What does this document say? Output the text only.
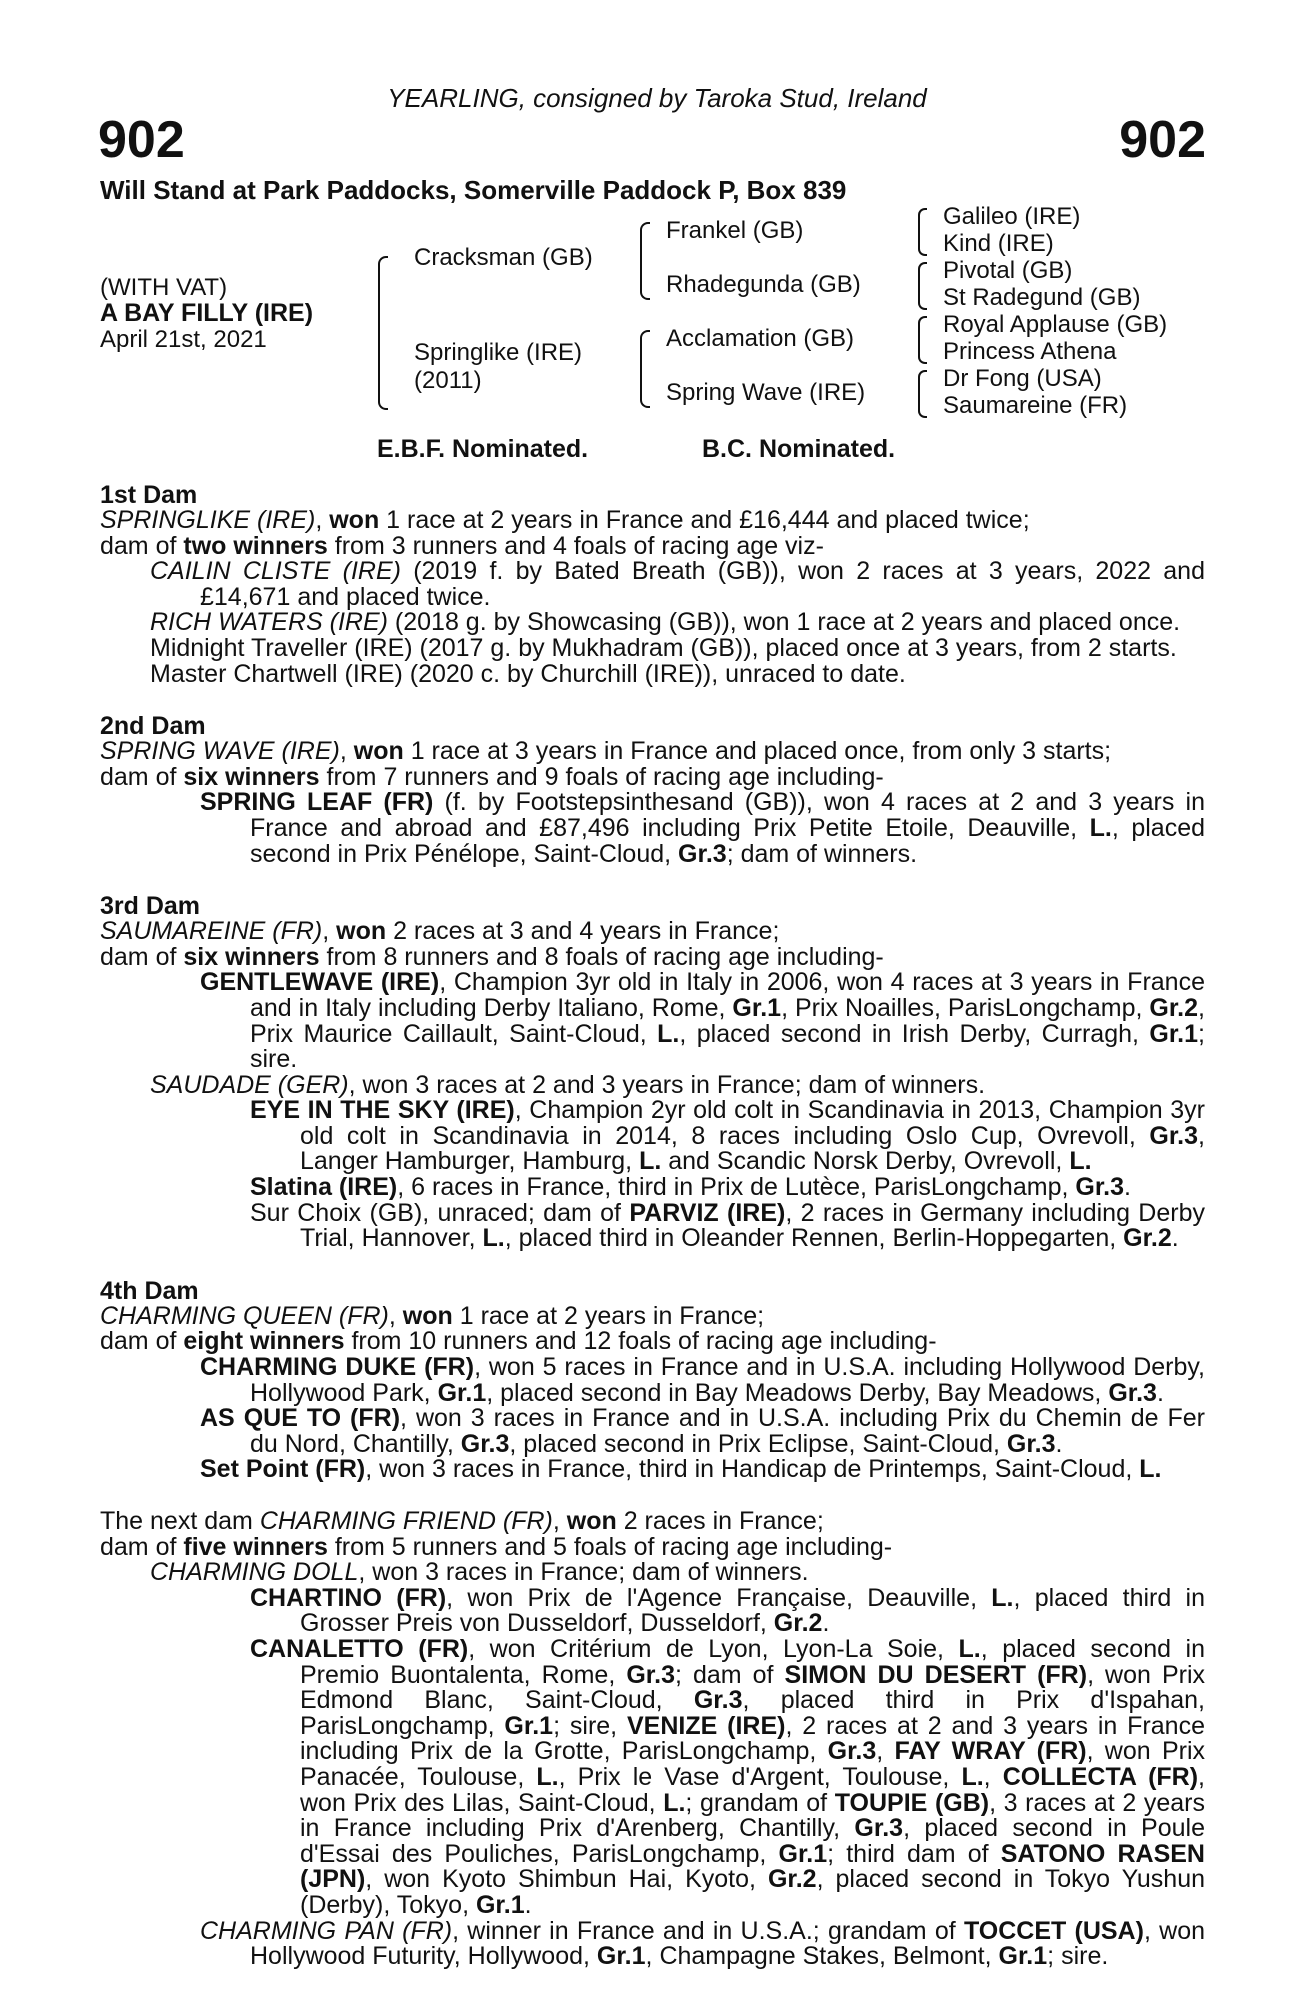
902	902
YEARLING, consigned by Taroka Stud, Ireland
Will Stand at Park Paddocks, Somerville Paddock P, Box 839
(WITH VAT)
A BAY FILLY (IRE)
April 21st, 2021
Cracksman (GB)
Springlike (IRE)
(2011)
Frankel (GB)
Rhadegunda (GB)
Acclamation (GB)
Spring Wave (IRE)
Galileo (IRE)
Kind (IRE)
Pivotal (GB)
St Radegund (GB)
Royal Applause (GB)
Princess Athena
Dr Fong (USA)
Saumareine (FR)
E.B.F. Nominated.	B.C. Nominated.
1st Dam
SPRINGLIKE (IRE), won 1 race at 2 years in France and £16,444 and placed twice;
dam of two winners from 3 runners and 4 foals of racing age viz-
CAILIN CLISTE (IRE) (2019 f. by Bated Breath (GB)), won 2 races at 3 years, 2022 and £14,671 and placed twice.
RICH WATERS (IRE) (2018 g. by Showcasing (GB)), won 1 race at 2 years and placed once.
Midnight Traveller (IRE) (2017 g. by Mukhadram (GB)), placed once at 3 years, from 2 starts.
Master Chartwell (IRE) (2020 c. by Churchill (IRE)), unraced to date.
2nd Dam
SPRING WAVE (IRE), won 1 race at 3 years in France and placed once, from only 3 starts;
dam of six winners from 7 runners and 9 foals of racing age including-
SPRING LEAF (FR) (f. by Footstepsinthesand (GB)), won 4 races at 2 and 3 years in France and abroad and £87,496 including Prix Petite Etoile, Deauville, L., placed second in Prix Pénélope, Saint-Cloud, Gr.3; dam of winners.
3rd Dam
SAUMAREINE (FR), won 2 races at 3 and 4 years in France;
dam of six winners from 8 runners and 8 foals of racing age including-
GENTLEWAVE (IRE), Champion 3yr old in Italy in 2006, won 4 races at 3 years in France and in Italy including Derby Italiano, Rome, Gr.1, Prix Noailles, ParisLongchamp, Gr.2, Prix Maurice Caillault, Saint-Cloud, L., placed second in Irish Derby, Curragh, Gr.1; sire.
SAUDADE (GER), won 3 races at 2 and 3 years in France; dam of winners.
EYE IN THE SKY (IRE), Champion 2yr old colt in Scandinavia in 2013, Champion 3yr old colt in Scandinavia in 2014, 8 races including Oslo Cup, Ovrevoll, Gr.3, Langer Hamburger, Hamburg, L. and Scandic Norsk Derby, Ovrevoll, L.
Slatina (IRE), 6 races in France, third in Prix de Lutèce, ParisLongchamp, Gr.3.
Sur Choix (GB), unraced; dam of PARVIZ (IRE), 2 races in Germany including Derby Trial, Hannover, L., placed third in Oleander Rennen, Berlin-Hoppegarten, Gr.2.
4th Dam
CHARMING QUEEN (FR), won 1 race at 2 years in France;
dam of eight winners from 10 runners and 12 foals of racing age including-
CHARMING DUKE (FR), won 5 races in France and in U.S.A. including Hollywood Derby, Hollywood Park, Gr.1, placed second in Bay Meadows Derby, Bay Meadows, Gr.3.
AS QUE TO (FR), won 3 races in France and in U.S.A. including Prix du Chemin de Fer du Nord, Chantilly, Gr.3, placed second in Prix Eclipse, Saint-Cloud, Gr.3.
Set Point (FR), won 3 races in France, third in Handicap de Printemps, Saint-Cloud, L.
The next dam CHARMING FRIEND (FR), won 2 races in France;
dam of five winners from 5 runners and 5 foals of racing age including-
CHARMING DOLL, won 3 races in France; dam of winners.
CHARTINO (FR), won Prix de l'Agence Française, Deauville, L., placed third in Grosser Preis von Dusseldorf, Dusseldorf, Gr.2.
CANALETTO (FR), won Critérium de Lyon, Lyon-La Soie, L., placed second in Premio Buontalenta, Rome, Gr.3; dam of SIMON DU DESERT (FR), won Prix Edmond Blanc, Saint-Cloud, Gr.3, placed third in Prix d'Ispahan, ParisLongchamp, Gr.1; sire, VENIZE (IRE), 2 races at 2 and 3 years in France including Prix de la Grotte, ParisLongchamp, Gr.3, FAY WRAY (FR), won Prix Panacée, Toulouse, L., Prix le Vase d'Argent, Toulouse, L., COLLECTA (FR), won Prix des Lilas, Saint-Cloud, L.; grandam of TOUPIE (GB), 3 races at 2 years in France including Prix d'Arenberg, Chantilly, Gr.3, placed second in Poule d'Essai des Pouliches, ParisLongchamp, Gr.1; third dam of SATONO RASEN (JPN), won Kyoto Shimbun Hai, Kyoto, Gr.2, placed second in Tokyo Yushun (Derby), Tokyo, Gr.1.
CHARMING PAN (FR), winner in France and in U.S.A.; grandam of TOCCET (USA), won Hollywood Futurity, Hollywood, Gr.1, Champagne Stakes, Belmont, Gr.1; sire.
